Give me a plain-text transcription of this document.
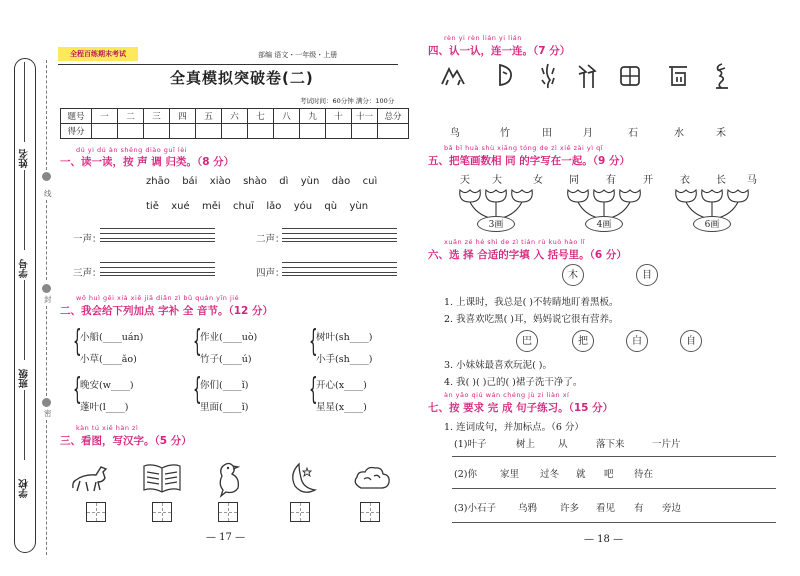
姓名
学号
班级
学校
线
封
密
全程百练期末考试	部编 语文・一年级・上册
全真模拟突破卷(二)
考试时间：60分钟 满分：100分
题号	一	二	三	四	五	六	七	八	九	十	十一	总分
得分												
dú yi dú àn shēng diào guī lèi
一、读一读，按 声 调 归类。（8 分）
zhāo  bái  xiào  shào  dì  yùn  dào  cuì
tiě  xué  měi  chuī  lǎo  yóu  qù  yùn
一声：	二声：
三声：	四声：
wǒ huì gěi xià xiē jiā diǎn zì bǔ quán yīn jié
二、我会给下列加点 字补 全 音节。（12 分）
{
小船(____uán)
小草(____ǎo)
{
作业(____uò)
竹子(____ú)
{
树叶(sh____)
小手(sh____)
{
晚安(w____)
蓬叶(l____)
{
你们(____ǐ)
里面(____ǐ)
{
开心(x____)
星星(x____)
kàn tú xiě hàn zì
三、看图，写汉字。（5 分）
— 17 —
rèn yi rèn lián yi lián
四、认一认，连一连。（7 分）
鸟	竹	田	月	石	水	禾
bǎ bǐ huà shù xiāng tóng de zì xiě zài yì qǐ
五、把笔画数相 同 的字写在一起。（9 分）
天 大	女	同	有	开	衣	长 马
3画	4画	6画
xuǎn zé hé shì de zì tián rù kuò hào lǐ
六、选 择 合适的字填 入 括号里。（6 分）
木	目
1. 上课时，我总是( )不转睛地盯着黑板。
2. 我喜欢吃黑( )耳，妈妈说它很有营养。
巴	把	白	自
3. 小妹妹最喜欢玩泥( )。
4. 我( )( )己的( )裙子洗干净了。
àn yāo qiú wán chéng jù zi liàn xí
七、按 要求 完 成 句子练习。（15 分）
1. 连词成句，并加标点。（6 分）
(1)叶子	树上 从	落下来	一片片
(2)你 家里 过冬 就 吧 待在
(3)小石子 乌鸦 许多 看见 有 旁边
— 18 —
